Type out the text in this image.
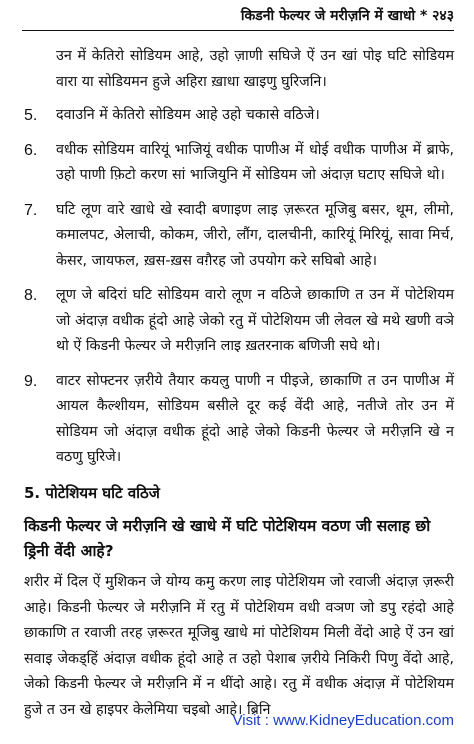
किडनी फेल्यर जे मरीज़नि में खाधो * २४३

उन में केतिरो सोडियम आहे, उहो ज़ाणी सघिजे ऐं उन खां पोइ घटि सोडियम वारा या सोडियमन हुजे अहिरा ख़ाधा खाइणु घुरिजनि।

5.	दवाउनि में केतिरो सोडियम आहे उहो चकासे वठिजे।
6.	वधीक सोडियम वारियूं भाजियूं वधीक पाणीअ में धोई वधीक पाणीअ में ब्राफे, उहो पाणी फ़िटो करण सां भाजियुनि में सोडियम जो अंदाज़ घटाए सघिजे थो।
7.	घटि लूण वारे खाधे खे स्वादी बणाइण लाइ ज़रूरत मूजिबु बसर, थूम, लीमो, कमालपट, अेलाची, कोकम, जीरो, लौंग, दालचीनी, कारियूं मिरियूं, सावा मिर्च, केसर, जायफल, ख़स-ख़स वग़ैरह जो उपयोग करे सघिबो आहे।
8.	लूण जे बदिरां घटि सोडियम वारो लूण न वठिजे छाकाणि त उन में पोटेशियम जो अंदाज़ वधीक हूंदो आहे जेको रतु में पोटेशियम जी लेवल खे मथे खणी वञे थो ऐं किडनी फेल्यर जे मरीज़नि लाइ ख़तरनाक बणिजी सघे थो।
9.	वाटर सोफ्टनर ज़रीये तैयार कयलु पाणी न पीइजे, छाकाणि त उन पाणीअ में आयल कैल्शीयम, सोडियम बसीले दूर कई वेंदी आहे, नतीजे तोर उन में सोडियम जो अंदाज़ वधीक हूंदो आहे जेको किडनी फेल्यर जे मरीज़नि खे न वठणु घुरिजे।
5. पोटेशियम घटि वठिजे
किडनी फेल्यर जे मरीज़नि खे खाधे में घटि पोटेशियम वठण जी सलाह छो ड्रिनी वेंदी आहे?

शरीर में दिल ऐं मुशिकन जे योग्य कमु करण लाइ पोटेशियम जो रवाजी अंदाज़ ज़रूरी आहे। किडनी फेल्यर जे मरीज़नि में रतु में पोटेशियम वधी वञण जो डपु रहंदो आहे छाकाणि त रवाजी तरह ज़रूरत मूजिबु खाधे मां पोटेशियम मिली वेंदो आहे ऐं उन खां सवाइ जेकड्हिं अंदाज़ वधीक हूंदो आहे त उहो पेशाब ज़रीये निकिरी पिणु वेंदो आहे, जेको किडनी फेल्यर जे मरीज़नि में न थींदो आहे। रतु में वधीक अंदाज़ में पोटेशियम हुजे त उन खे हाइपर केलेमिया चइबो आहे। ब्रिनि

Visit : www.KidneyEducation.com
